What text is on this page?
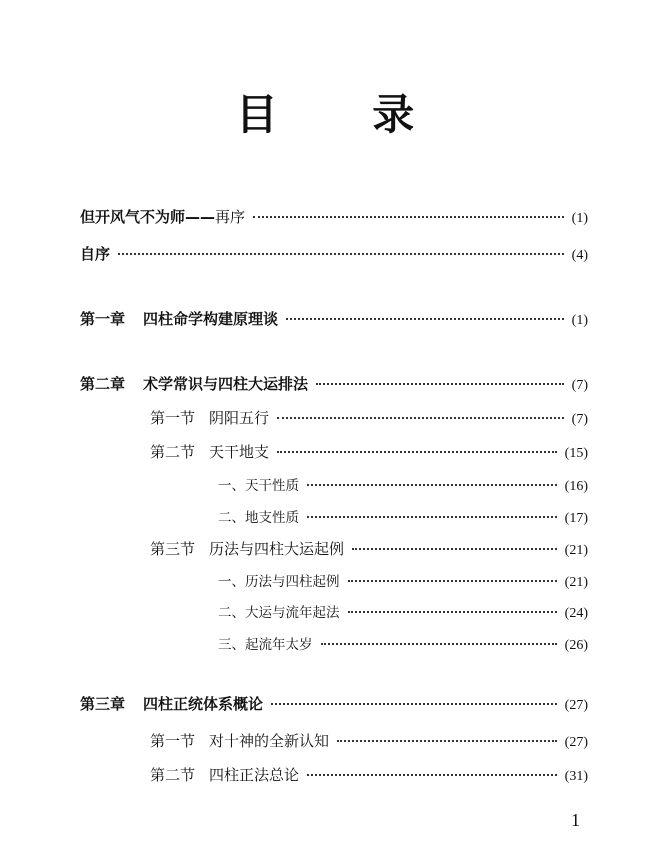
目 录
但开风气不为师——再序	(1)
自序	(4)
第一章 四柱命学构建原理谈	(1)
第二章 术学常识与四柱大运排法	(7)
第一节 阴阳五行	(7)
第二节 天干地支	(15)
一、天干性质	(16)
二、地支性质	(17)
第三节 历法与四柱大运起例	(21)
一、历法与四柱起例	(21)
二、大运与流年起法	(24)
三、起流年太岁	(26)
第三章 四柱正统体系概论	(27)
第一节 对十神的全新认知	(27)
第二节 四柱正法总论	(31)
1
